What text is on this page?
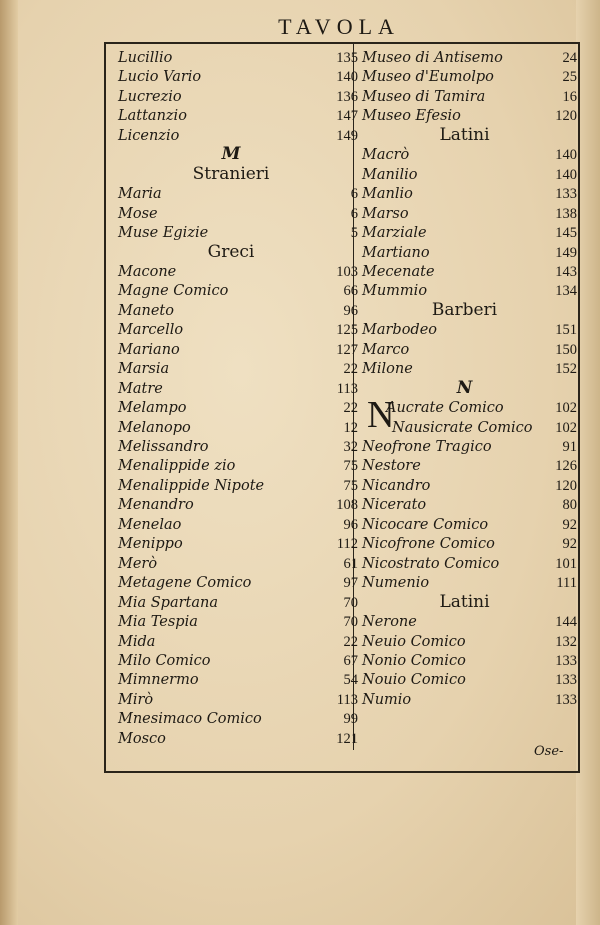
TAVOLA
Lucillio	135
Lucio Vario	140
Lucrezio	136
Lattanzio	147
Licenzio	149
M
Stranieri
Maria	6
Mose	6
Muse Egizie	5
Greci
Macone	103
Magne Comico	66
Maneto	96
Marcello	125
Mariano	127
Marsia	22
Matre	113
Melampo	22
Melanopo	12
Melissandro	32
Menalippide zio	75
Menalippide Nipote	75
Menandro	108
Menelao	96
Menippo	112
Merò	61
Metagene Comico	97
Mia Spartana	70
Mia Tespia	70
Mida	22
Milo Comico	67
Mimnermo	54
Mirò	113
Mnesimaco Comico	99
Mosco	121
Museo di Antisemo	24
Museo d'Eumolpo	25
Museo di Tamira	16
Museo Efesio	120
Latini
Macrò	140
Manilio	140
Manlio	133
Marso	138
Marziale	145
Martiano	149
Mecenate	143
Mummio	134
Barberi
Marbodeo	151
Marco	150
Milone	152
N
Aucrate Comico	102
Nausicrate Comico	102
Neofrone Tragico	91
Nestore	126
Nicandro	120
Nicerato	80
Nicocare Comico	92
Nicofrone Comico	92
Nicostrato Comico	101
Numenio	111
Latini
Nerone	144
Neuio Comico	132
Nonio Comico	133
Nouio Comico	133
Numio	133
N
Ose-
